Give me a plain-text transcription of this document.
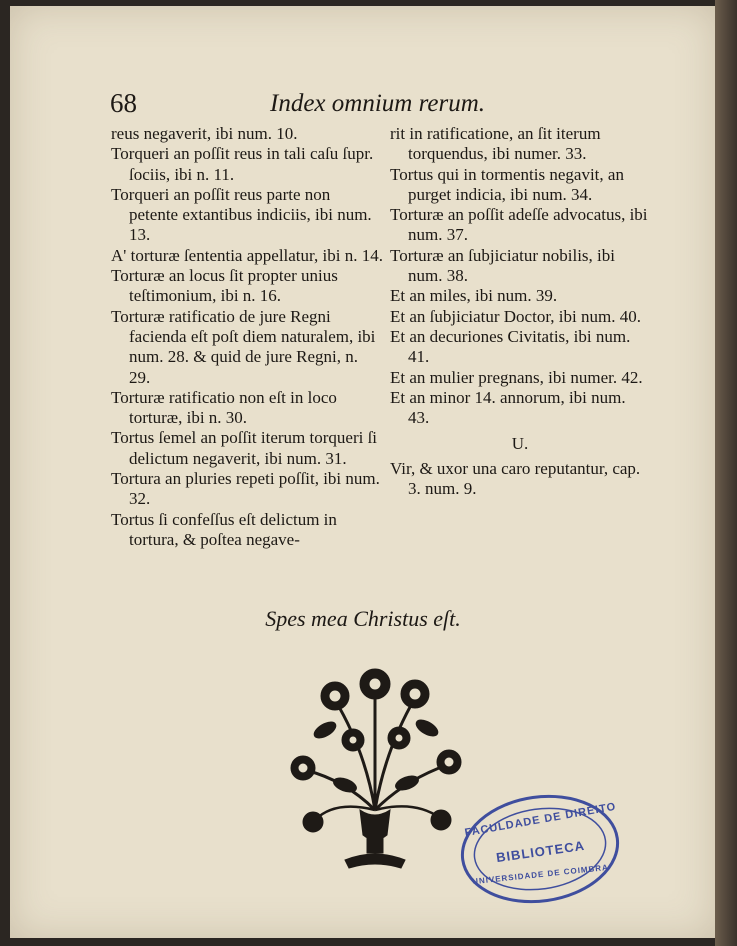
68	Index omnium rerum.

reus negaverit, ibi num. 10.

Torqueri an poſſit reus in tali caſu ſupr. ſociis, ibi n. 11.

Torqueri an poſſit reus parte non petente extantibus indiciis, ibi num. 13.

A' torturæ ſententia appellatur, ibi n. 14.

Torturæ an locus ſit propter unius teſtimonium, ibi n. 16.

Torturæ ratificatio de jure Regni facienda eſt poſt diem naturalem, ibi num. 28. & quid de jure Regni, n. 29.

Torturæ ratificatio non eſt in loco torturæ, ibi n. 30.

Tortus ſemel an poſſit iterum torqueri ſi delictum negaverit, ibi num. 31.

Tortura an pluries repeti poſſit, ibi num. 32.

Tortus ſi confeſſus eſt delictum in tortura, & poſtea negave-

rit in ratificatione, an ſit iterum torquendus, ibi numer. 33.

Tortus qui in tormentis negavit, an purget indicia, ibi num. 34.

Torturæ an poſſit adeſſe advocatus, ibi num. 37.

Torturæ an ſubjiciatur nobilis, ibi num. 38.

Et an miles, ibi num. 39.

Et an ſubjiciatur Doctor, ibi num. 40.

Et an decuriones Civitatis, ibi num. 41.

Et an mulier pregnans, ibi numer. 42.

Et an minor 14. annorum, ibi num. 43.

U.

Vir, & uxor una caro reputantur, cap. 3. num. 9.

Spes mea Christus eſt.
FACULDADE DE DIREITO
BIBLIOTECA
UNIVERSIDADE DE COIMBRA
